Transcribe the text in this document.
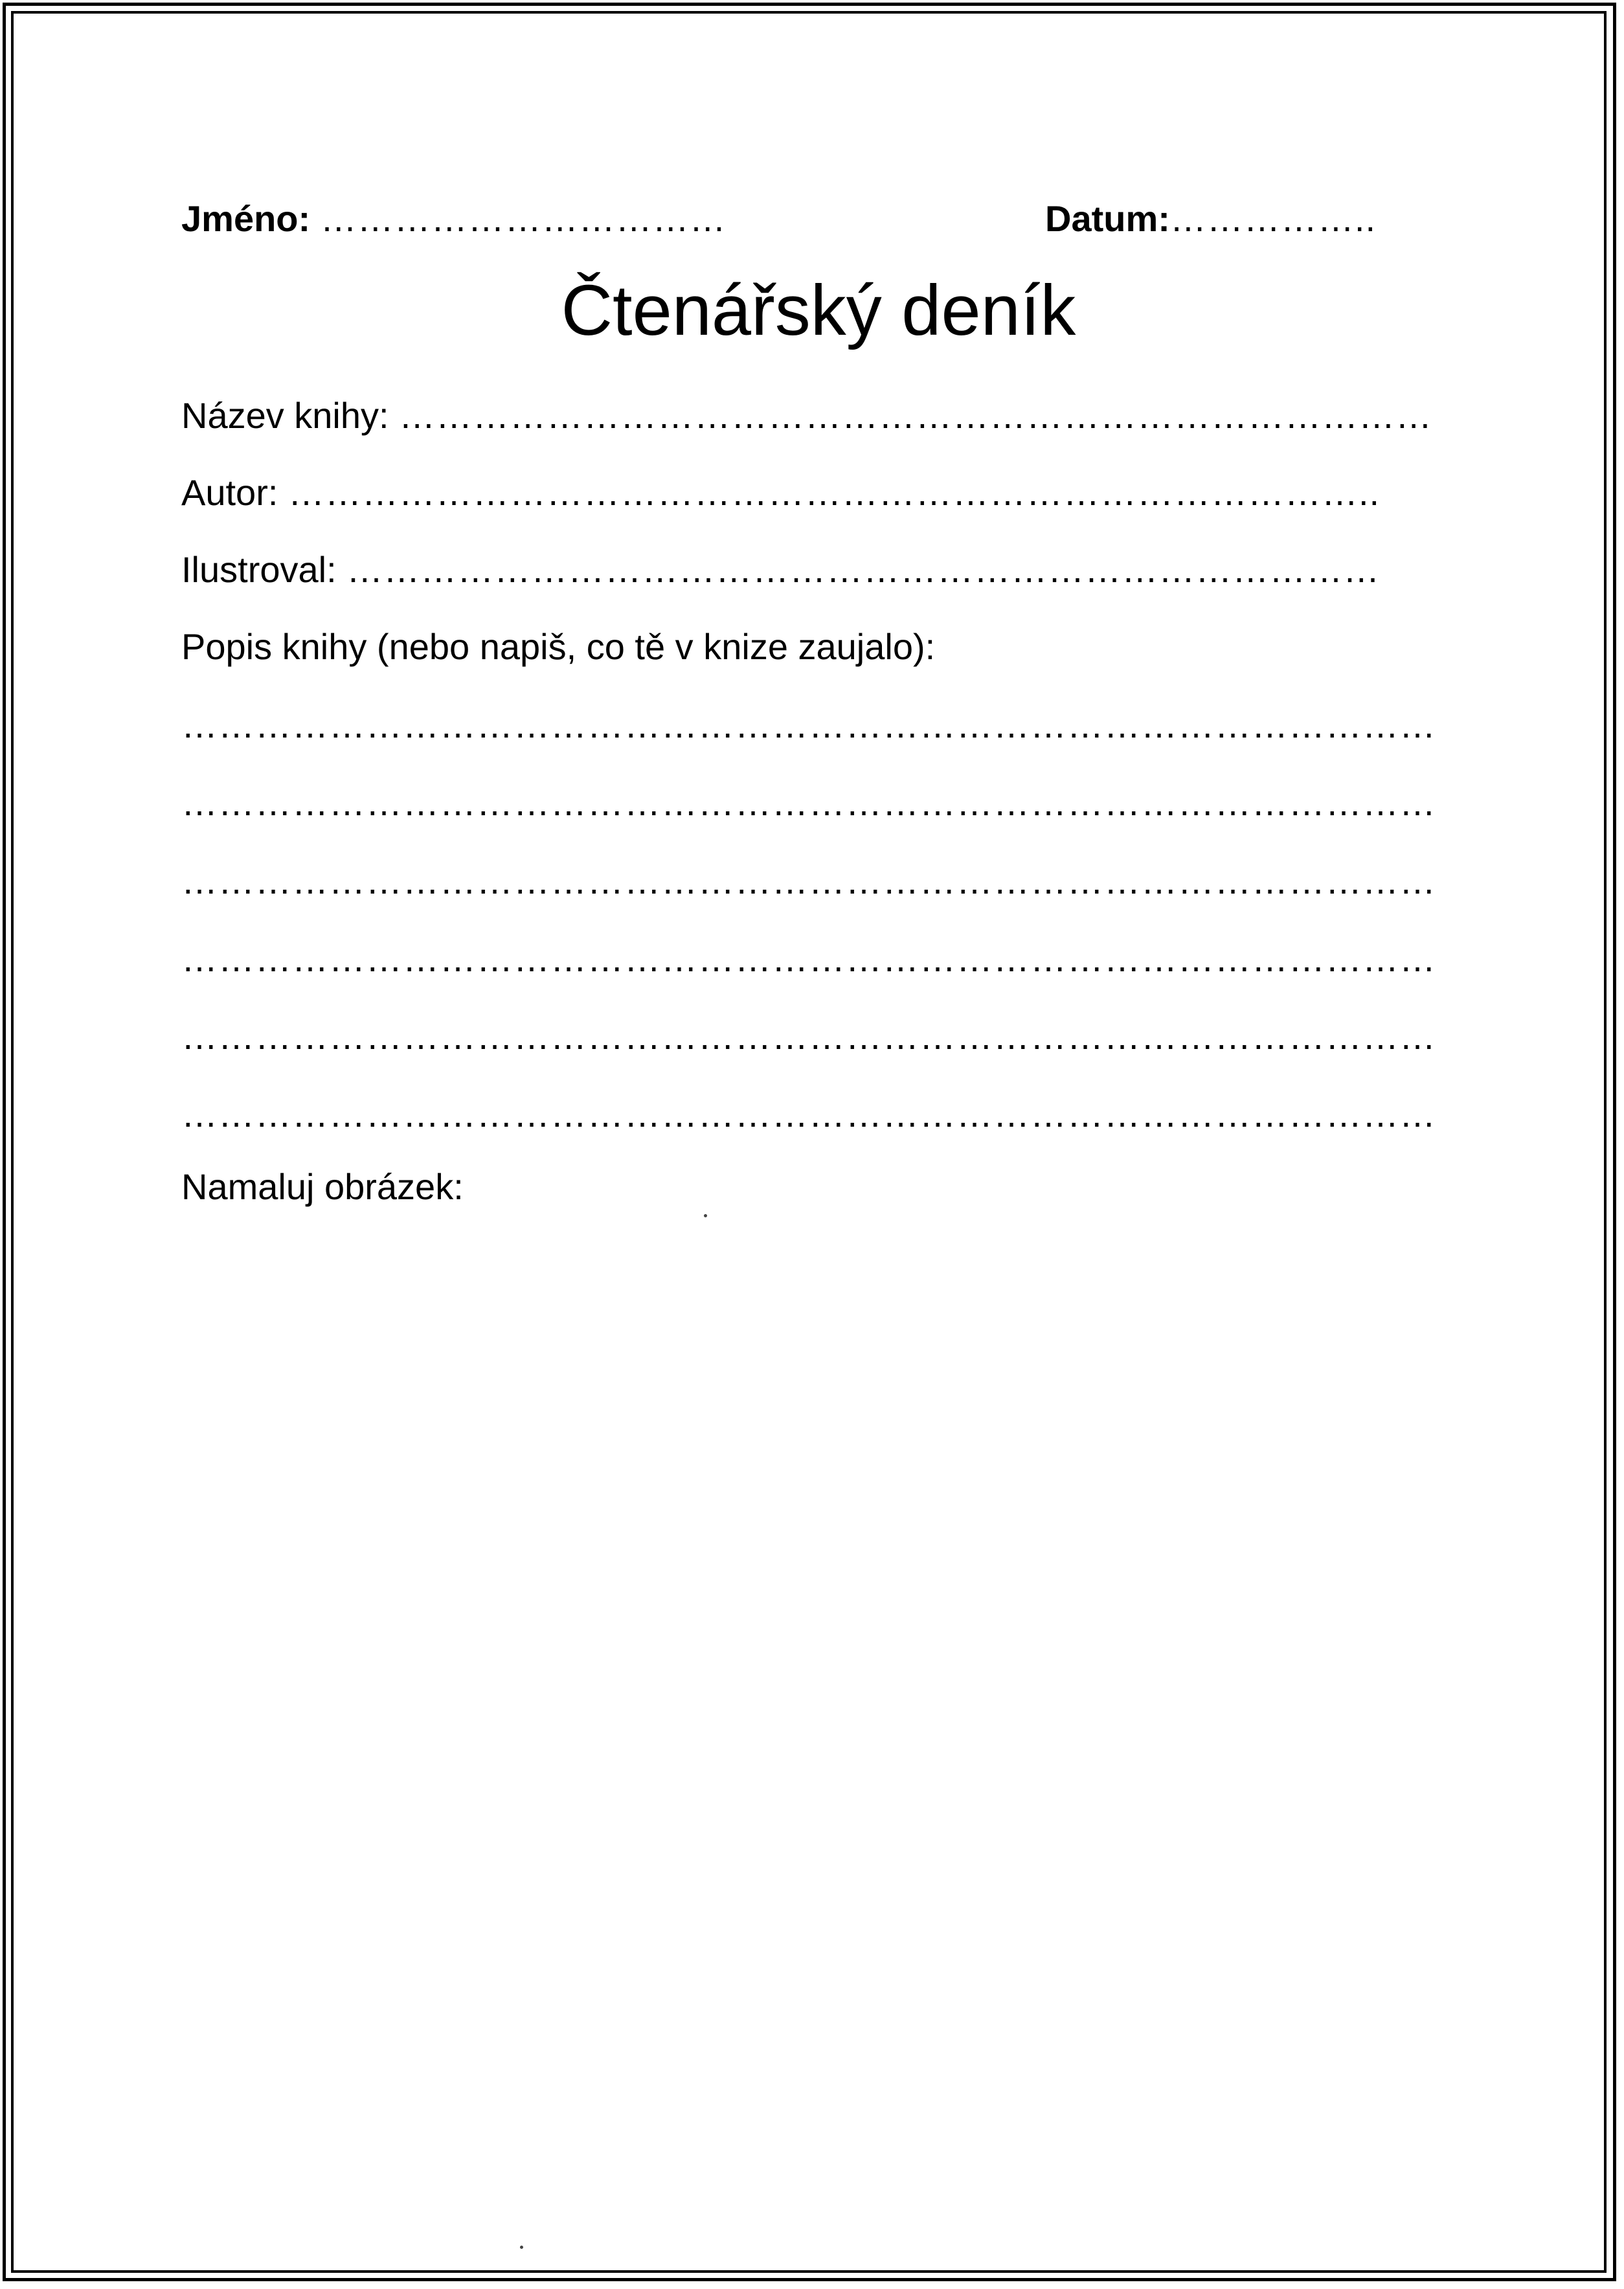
Jméno: ……………………………	Datum:……………..
Čtenářský deník
Název knihy: …………………………………………………………………………
Autor: ……………………………………………………………………………..
Ilustroval: …………………………………………………………………………
Popis knihy (nebo napiš, co tě v knize zaujalo):
…………………………………………………………………………………………
…………………………………………………………………………………………
…………………………………………………………………………………………
…………………………………………………………………………………………
…………………………………………………………………………………………
…………………………………………………………………………………………
Namaluj obrázek:
